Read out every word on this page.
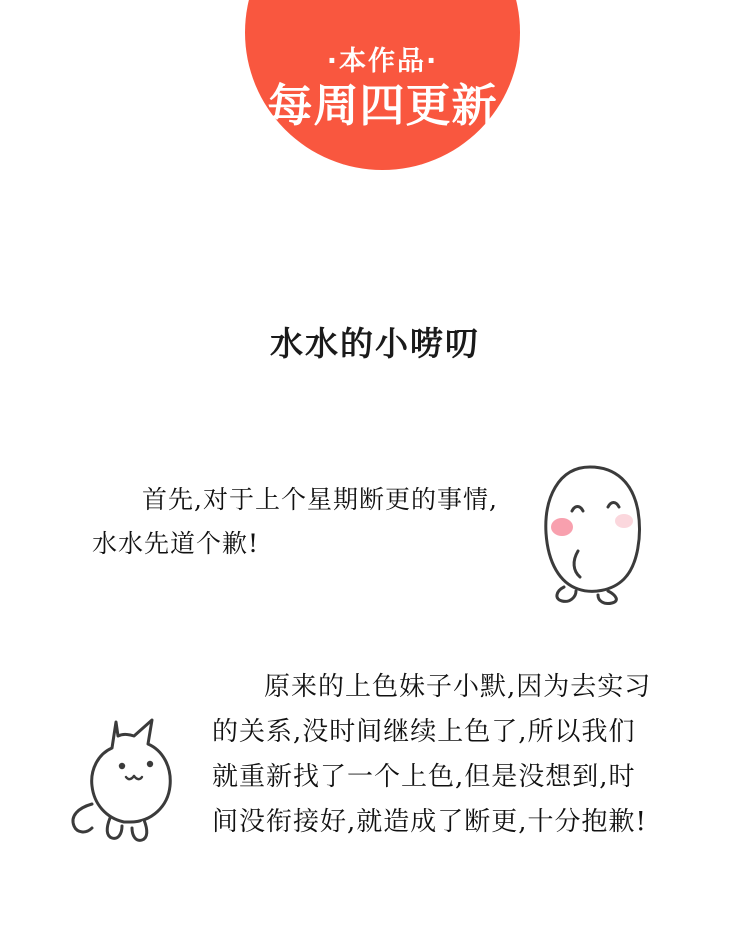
·本作品·
每周四更新
水水的小唠叨
首先,对于上个星期断更的事情,水水先道个歉!
原来的上色妹子小默,因为去实习的关系,没时间继续上色了,所以我们就重新找了一个上色,但是没想到,时间没衔接好,就造成了断更,十分抱歉!
